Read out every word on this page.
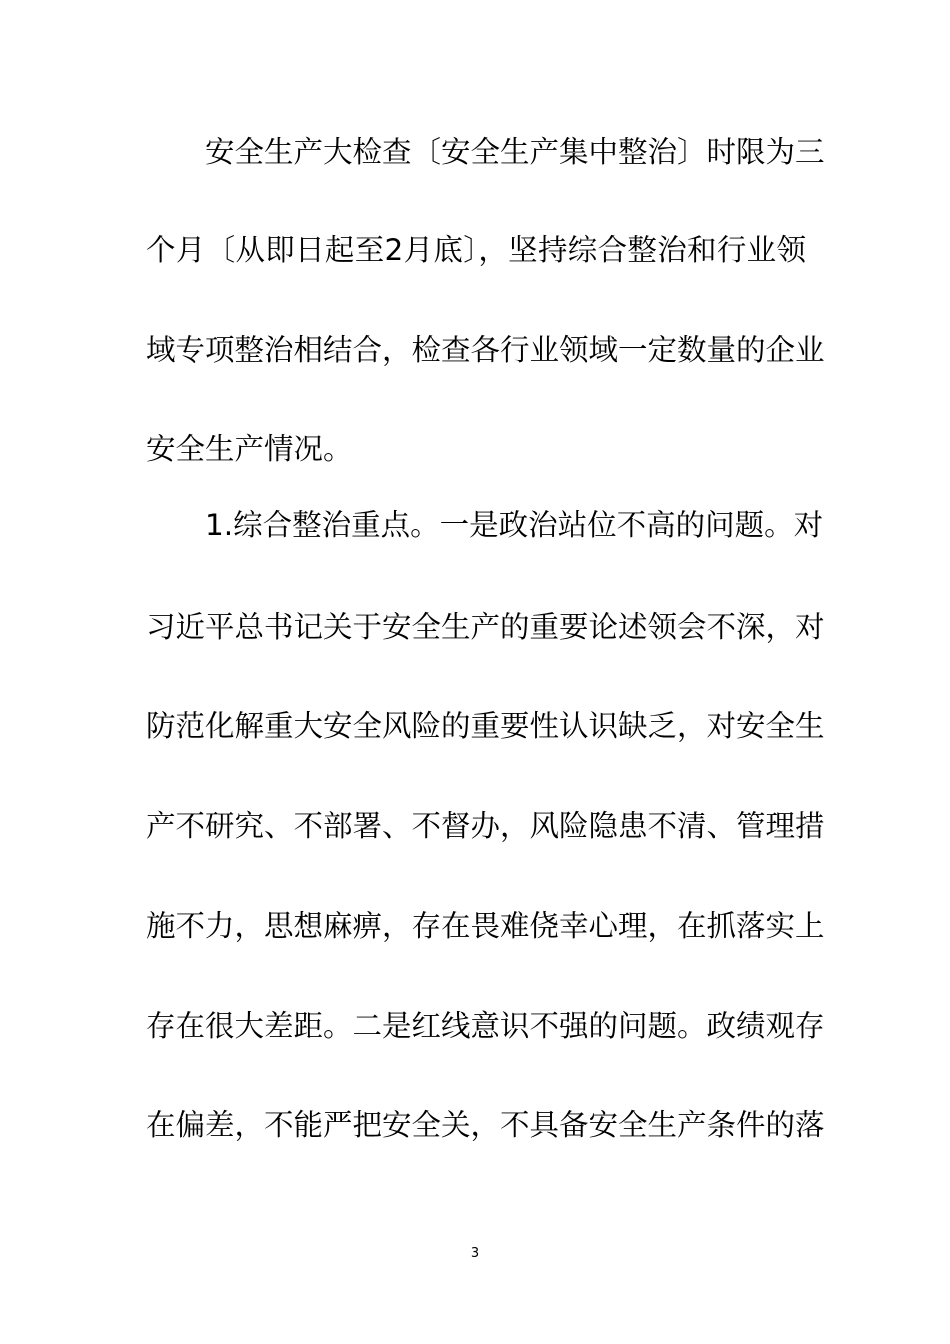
安全生产大检查〔安全生产集中整治〕时限为三
个月〔从即日起至2月底〕，坚持综合整治和行业领
域专项整治相结合，检查各行业领域一定数量的企业
安全生产情况。
1.综合整治重点。一是政治站位不高的问题。对
习近平总书记关于安全生产的重要论述领会不深，对
防范化解重大安全风险的重要性认识缺乏，对安全生
产不研究、不部署、不督办，风险隐患不清、管理措
施不力，思想麻痹，存在畏难侥幸心理，在抓落实上
存在很大差距。二是红线意识不强的问题。政绩观存
在偏差，不能严把安全关，不具备安全生产条件的落
3
